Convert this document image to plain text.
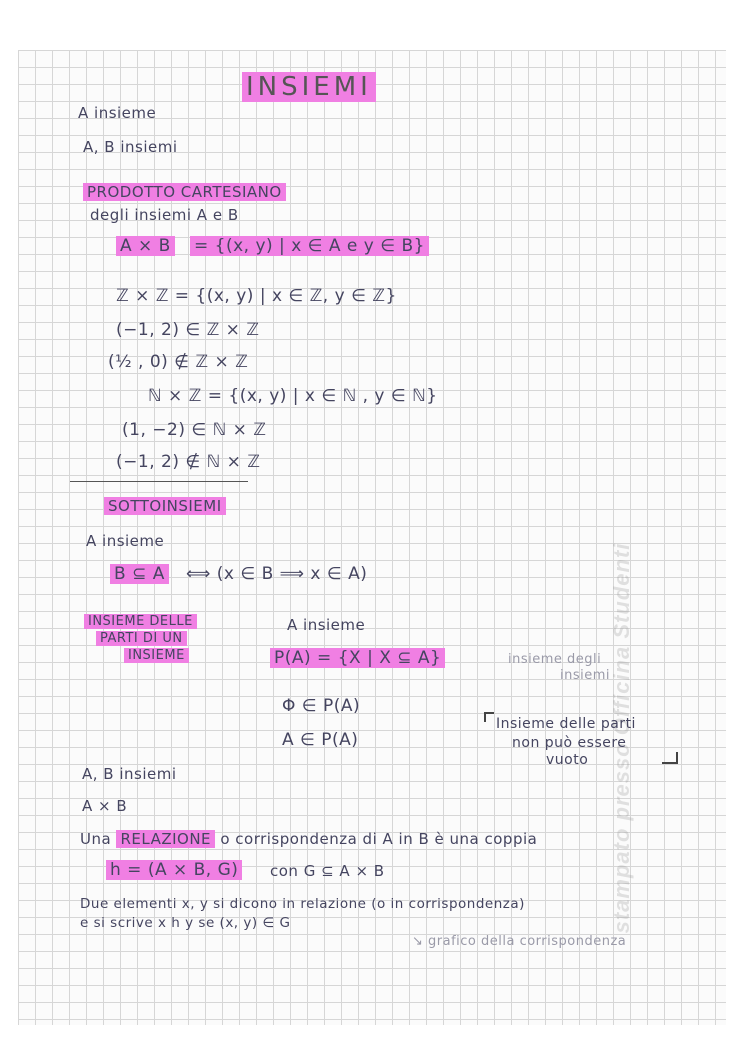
stampato presso Officina Studenti
INSIEMI
A insieme
A, B insiemi
PRODOTTO CARTESIANO
degli insiemi A e B
A × B = {(x, y) | x ∈ A e y ∈ B}
ℤ × ℤ = {(x, y) | x ∈ ℤ, y ∈ ℤ}
(−1, 2) ∈ ℤ × ℤ
(½ , 0) ∉ ℤ × ℤ
ℕ × ℤ = {(x, y) | x ∈ ℕ , y ∈ ℕ}
(1, −2) ∈ ℕ × ℤ
(−1, 2) ∉ ℕ × ℤ
SOTTOINSIEMI
A insieme
B ⊆ A ⟺ (x ∈ B ⟹ x ∈ A)
INSIEME DELLE
PARTI DI UN
INSIEME
A insieme
P(A) = {X | X ⊆ A}	insieme degli
insiemi
Φ ∈ P(A)
A ∈ P(A)
Insieme delle parti
non può essere
vuoto
A, B insiemi
A × B
Una RELAZIONE o corrispondenza di A in B è una coppia
h = (A × B, G) con G ⊆ A × B
Due elementi x, y si dicono in relazione (o in corrispondenza)
e si scrive x h y se (x, y) ∈ G
↘ grafico della corrispondenza
